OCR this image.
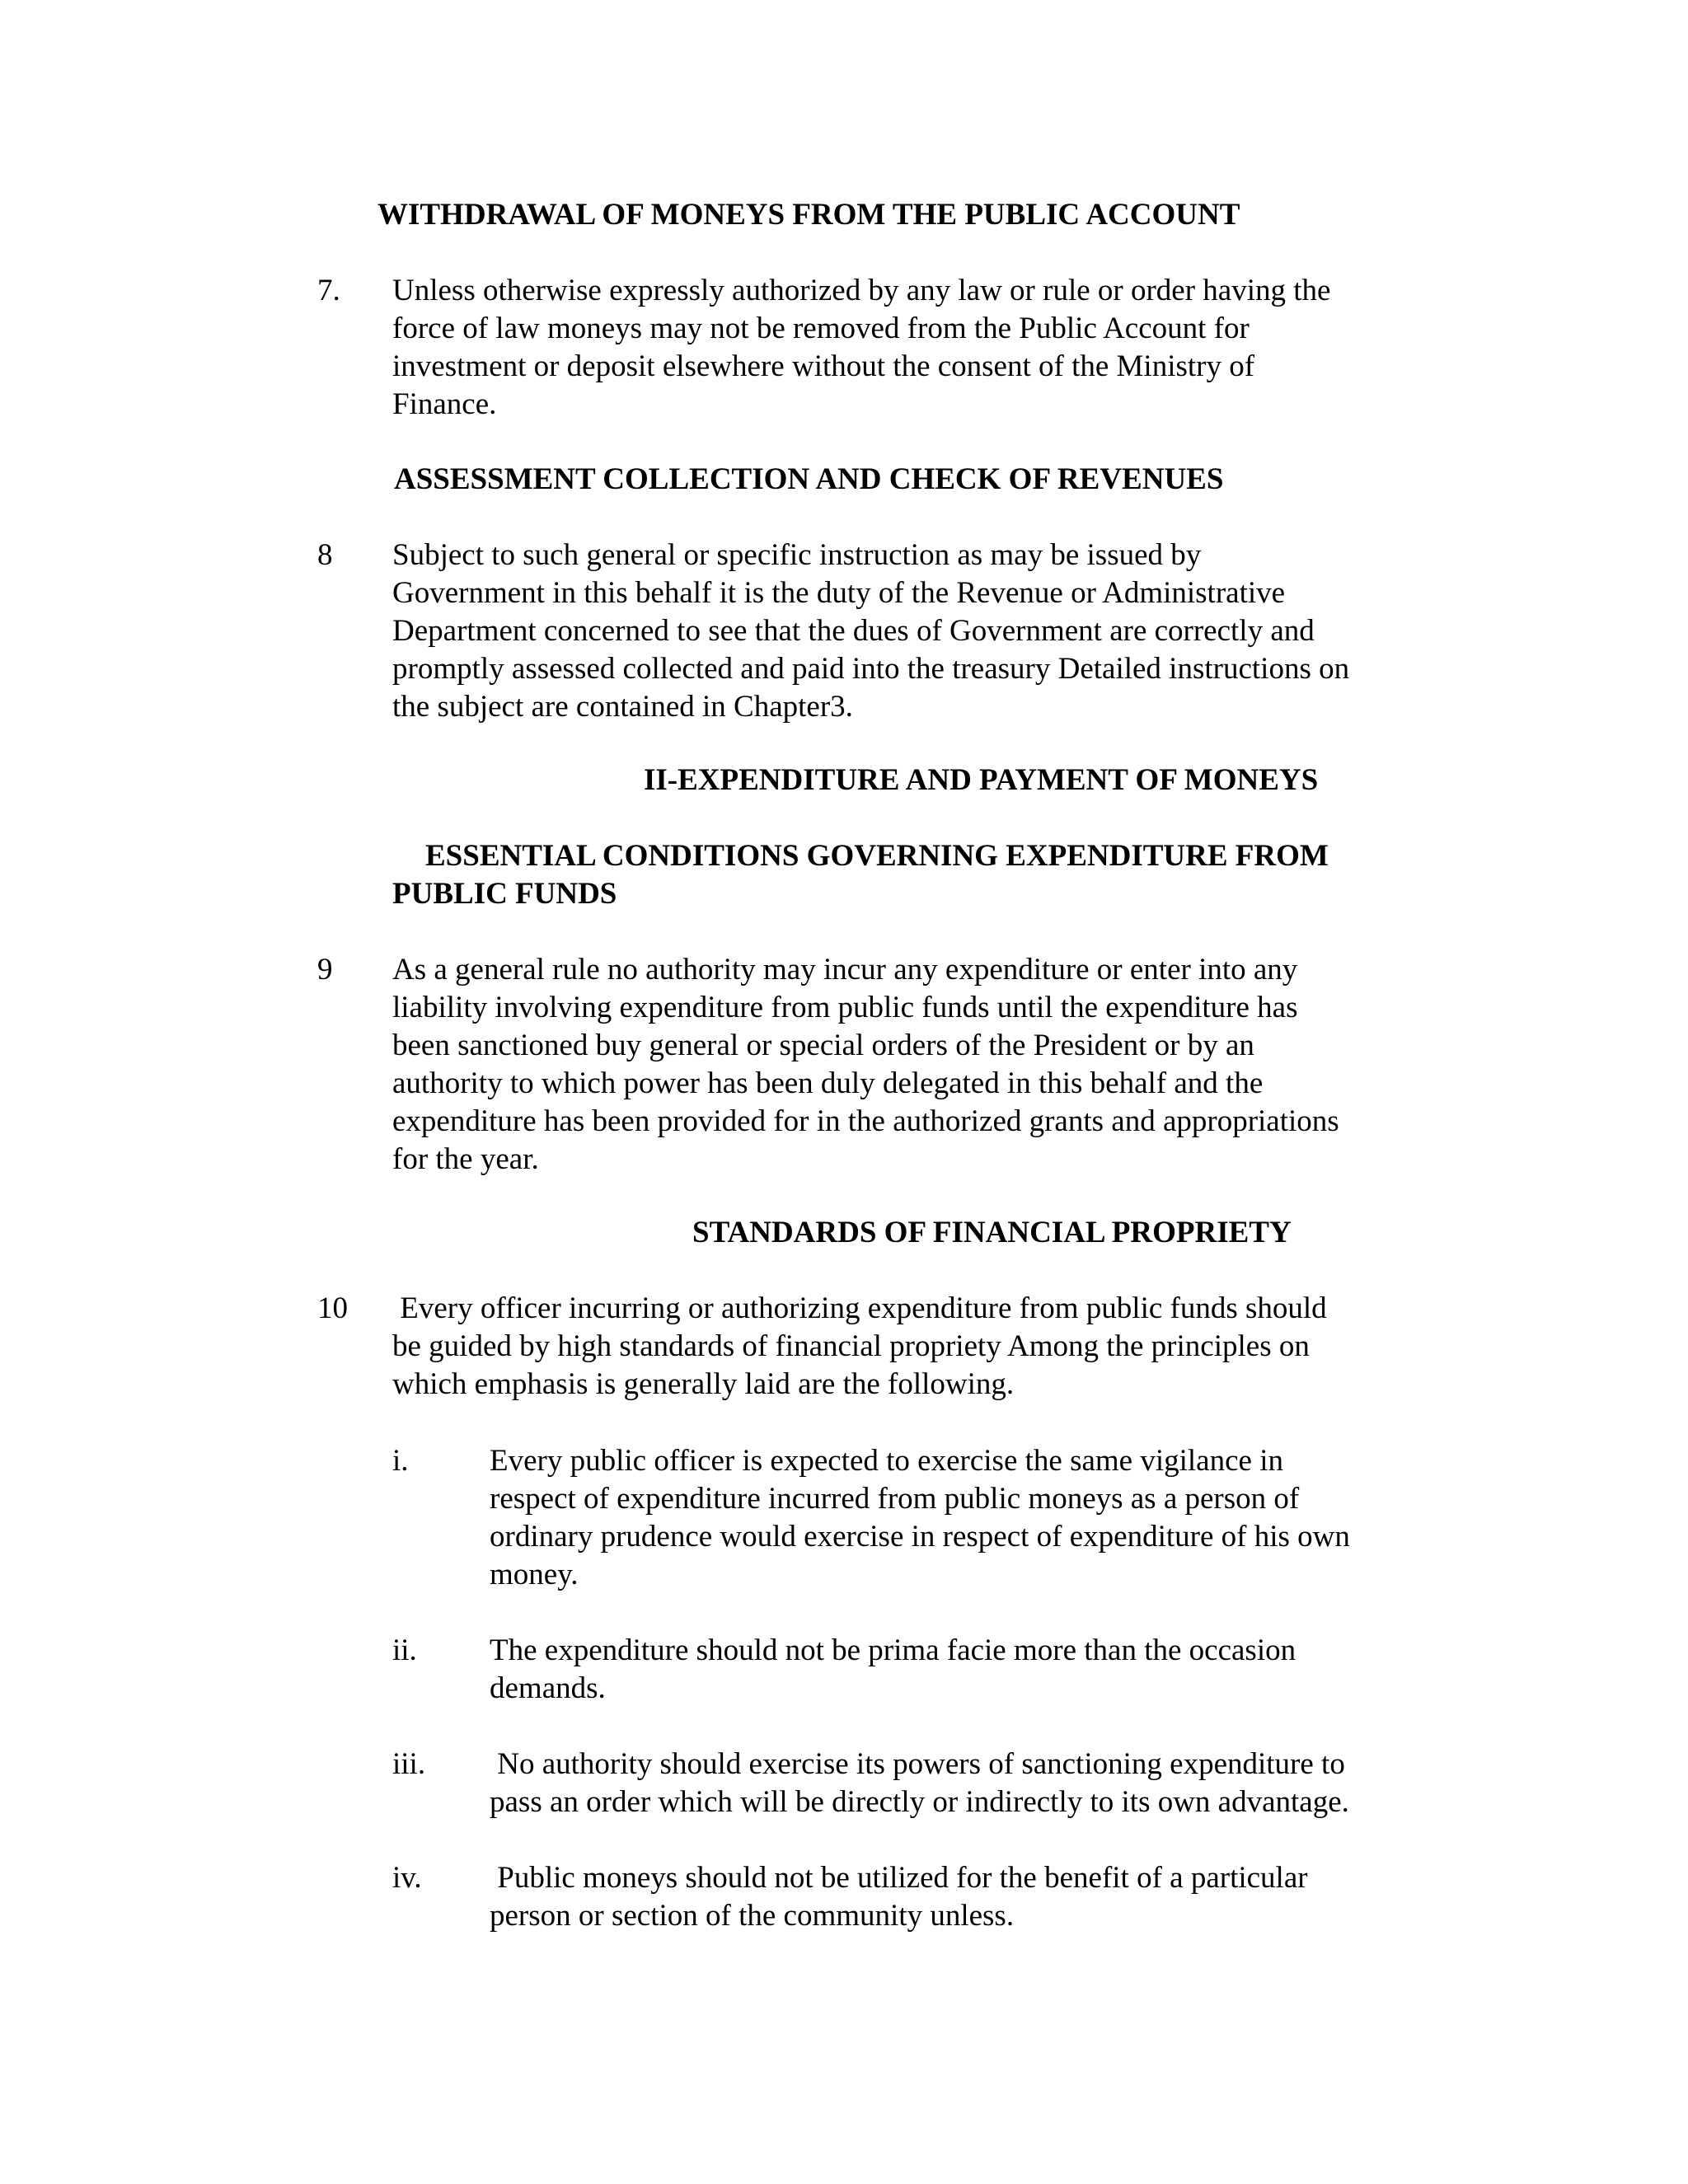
WITHDRAWAL OF MONEYS FROM THE PUBLIC ACCOUNT
7. Unless otherwise expressly authorized by any law or rule or order having the
force of law moneys may not be removed from the Public Account for
investment or deposit elsewhere without the consent of the Ministry of
Finance.
ASSESSMENT COLLECTION AND CHECK OF REVENUES
8 Subject to such general or specific instruction as may be issued by
Government in this behalf it is the duty of the Revenue or Administrative
Department concerned to see that the dues of Government are correctly and
promptly assessed collected and paid into the treasury Detailed instructions on
the subject are contained in Chapter3.
II-EXPENDITURE AND PAYMENT OF MONEYS
ESSENTIAL CONDITIONS GOVERNING EXPENDITURE FROM
PUBLIC FUNDS
9 As a general rule no authority may incur any expenditure or enter into any
liability involving expenditure from public funds until the expenditure has
been sanctioned buy general or special orders of the President or by an
authority to which power has been duly delegated in this behalf and the
expenditure has been provided for in the authorized grants and appropriations
for the year.
STANDARDS OF FINANCIAL PROPRIETY
10 Every officer incurring or authorizing expenditure from public funds should
be guided by high standards of financial propriety Among the principles on
which emphasis is generally laid are the following.
i.	Every public officer is expected to exercise the same vigilance in
respect of expenditure incurred from public moneys as a person of
ordinary prudence would exercise in respect of expenditure of his own
money.
ii. The expenditure should not be prima facie more than the occasion
demands.
iii. No authority should exercise its powers of sanctioning expenditure to
pass an order which will be directly or indirectly to its own advantage.
iv. Public moneys should not be utilized for the benefit of a particular
person or section of the community unless.
